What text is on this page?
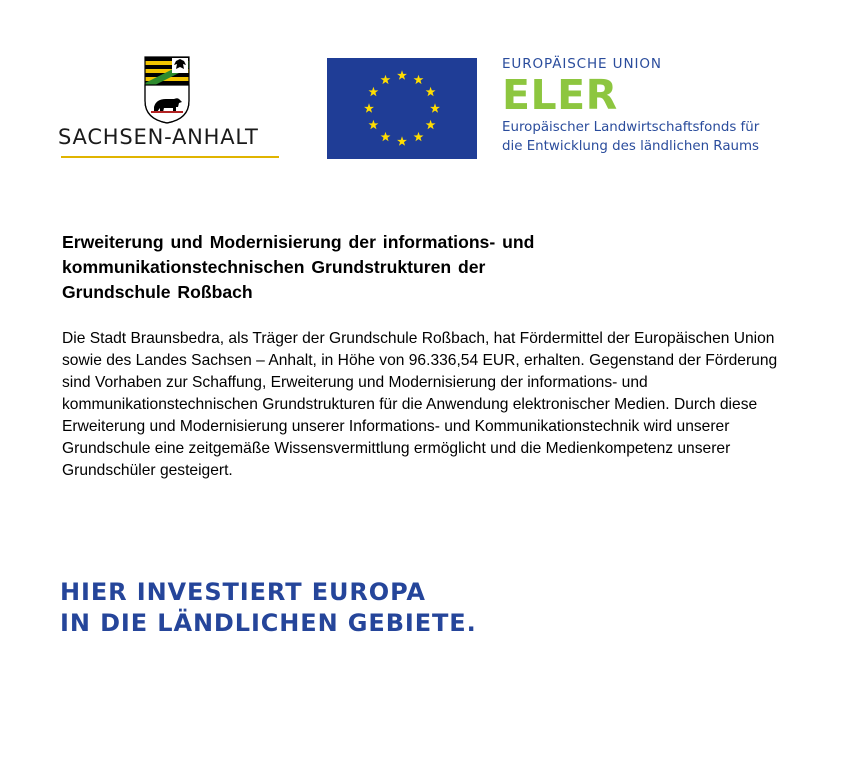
SACHSEN-ANHALT
EUROPÄISCHE UNION
ELER
Europäischer Landwirtschaftsfonds für
die Entwicklung des ländlichen Raums
Erweiterung und Modernisierung der informations- und
kommunikationstechnischen Grundstrukturen der
Grundschule Roßbach

Die Stadt Braunsbedra, als Träger der Grundschule Roßbach, hat Fördermittel der Europäischen Union sowie des Landes Sachsen – Anhalt, in Höhe von 96.336,54 EUR, erhalten. Gegenstand der Förderung sind Vorhaben zur Schaffung, Erweiterung und Modernisierung der informations- und kommunikationstechnischen Grundstrukturen für die Anwendung elektronischer Medien. Durch diese Erweiterung und Modernisierung unserer Informations- und Kommunikationstechnik wird unserer Grundschule eine zeitgemäße Wissensvermittlung ermöglicht und die Medienkompetenz unserer Grundschüler gesteigert.

HIER INVESTIERT EUROPA
IN DIE LÄNDLICHEN GEBIETE.
